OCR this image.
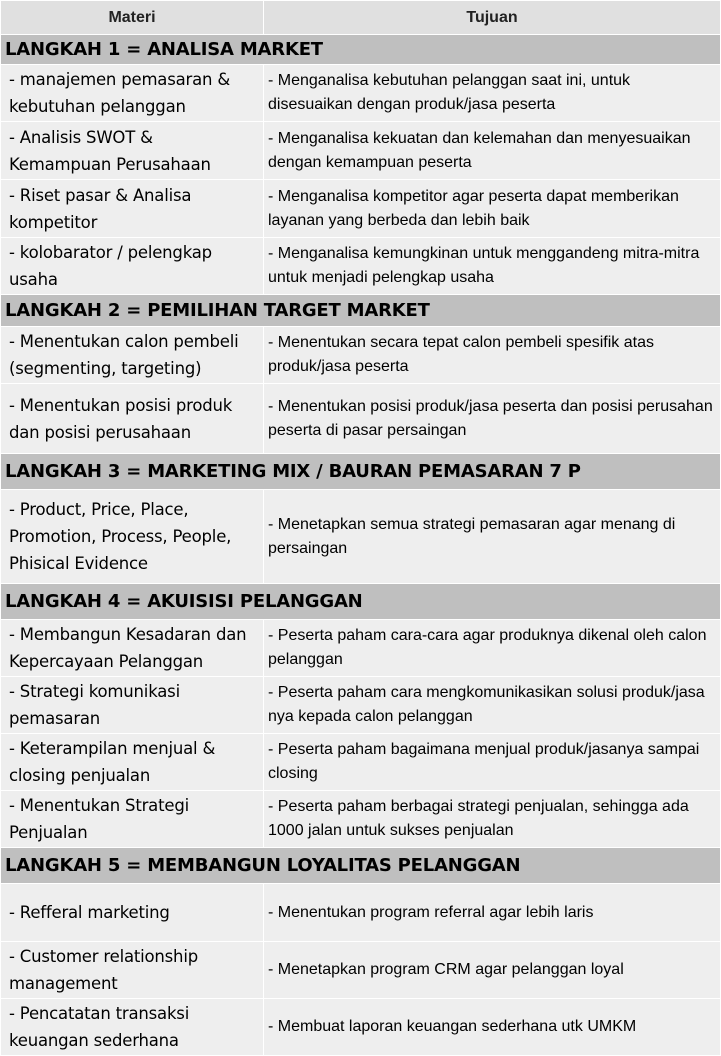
Materi	Tujuan
LANGKAH 1 = ANALISA MARKET	
- manajemen pemasaran & kebutuhan pelanggan	- Menganalisa kebutuhan pelanggan saat ini, untuk disesuaikan dengan produk/jasa peserta
- Analisis SWOT & Kemampuan Perusahaan	- Menganalisa kekuatan dan kelemahan dan menyesuaikan dengan kemampuan peserta
- Riset pasar & Analisa kompetitor	- Menganalisa kompetitor agar peserta dapat memberikan layanan yang berbeda dan lebih baik
- kolobarator / pelengkap usaha	- Menganalisa kemungkinan untuk menggandeng mitra-mitra untuk menjadi pelengkap usaha
LANGKAH 2 = PEMILIHAN TARGET MARKET	
- Menentukan calon pembeli (segmenting, targeting)	- Menentukan secara tepat calon pembeli spesifik atas produk/jasa peserta
- Menentukan posisi produk dan posisi perusahaan	- Menentukan posisi produk/jasa peserta dan posisi perusahan peserta di pasar persaingan
LANGKAH 3 = MARKETING MIX / BAURAN PEMASARAN 7 P	
- Product, Price, Place, Promotion, Process, People, Phisical Evidence	- Menetapkan semua strategi pemasaran agar menang di persaingan
LANGKAH 4 = AKUISISI PELANGGAN	
- Membangun Kesadaran dan Kepercayaan Pelanggan	- Peserta paham cara-cara agar produknya dikenal oleh calon pelanggan
- Strategi komunikasi pemasaran	- Peserta paham cara mengkomunikasikan solusi produk/jasa nya kepada calon pelanggan
- Keterampilan menjual & closing penjualan	- Peserta paham bagaimana menjual produk/jasanya sampai closing
- Menentukan Strategi Penjualan	- Peserta paham berbagai strategi penjualan, sehingga ada 1000 jalan untuk sukses penjualan
LANGKAH 5 = MEMBANGUN LOYALITAS PELANGGAN	
- Refferal marketing	- Menentukan program referral agar lebih laris
- Customer relationship management	- Menetapkan program CRM agar pelanggan loyal
- Pencatatan transaksi keuangan sederhana	- Membuat laporan keuangan sederhana utk UMKM
